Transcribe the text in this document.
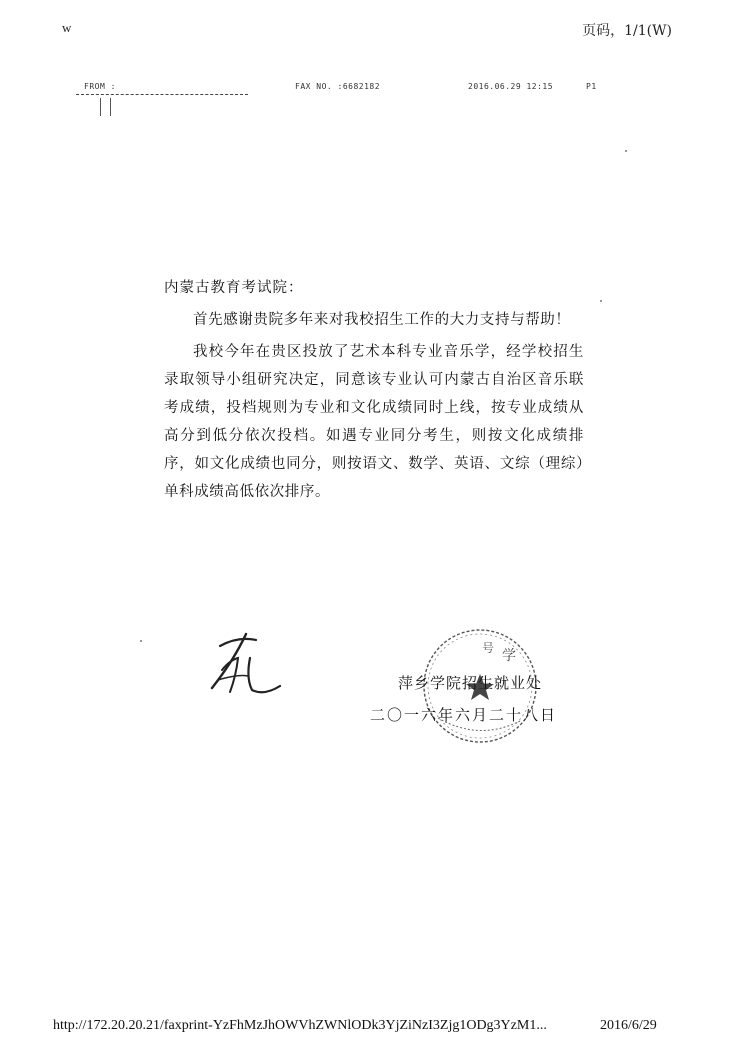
w	页码，1/1(W)
FROM :	FAX NO. :6682182	2016.06.29 12:15	P1
内蒙古教育考试院：

首先感谢贵院多年来对我校招生工作的大力支持与帮助！

我校今年在贵区投放了艺术本科专业音乐学，经学校招生录取领导小组研究决定，同意该专业认可内蒙古自治区音乐联考成绩，投档规则为专业和文化成绩同时上线，按专业成绩从高分到低分依次投档。如遇专业同分考生，则按文化成绩排序，如文化成绩也同分，则按语文、数学、英语、文综（理综）单科成绩高低依次排序。

学
号
萍乡学院招生就业处
二〇一六年六月二十八日
http://172.20.20.21/faxprint-YzFhMzJhOWVhZWNlODk3YjZiNzI3Zjg1ODg3YzM1...	2016/6/29
